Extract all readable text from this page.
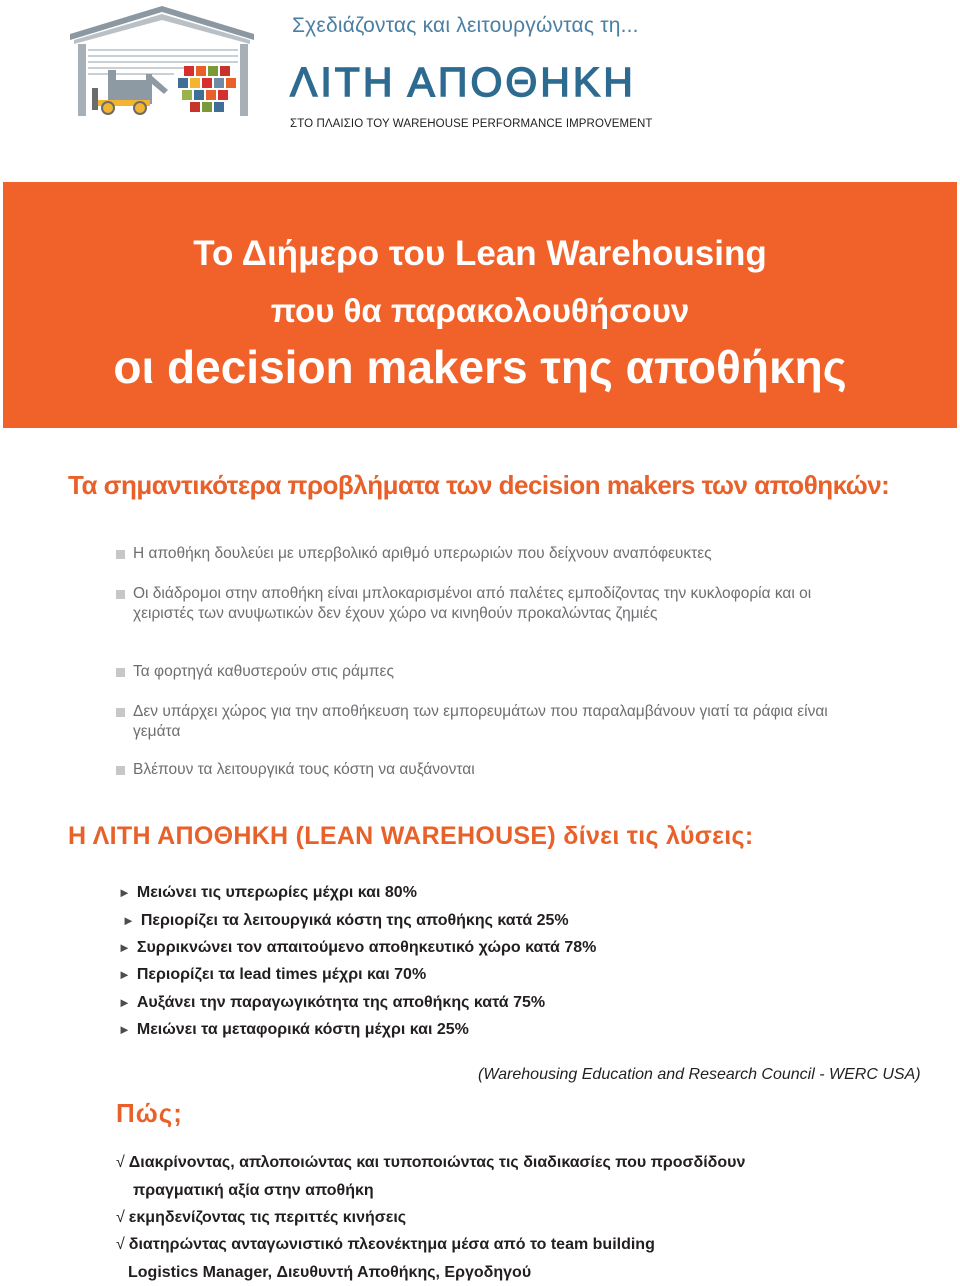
Σχεδιάζοντας και λειτουργώντας τη...
ΛΙΤΗ ΑΠΟΘΗΚΗ
ΣΤΟ ΠΛΑΙΣΙΟ ΤΟΥ WAREHOUSE PERFORMANCE IMPROVEMENT
Το Διήμερο του Lean Warehousing
που θα παρακολουθήσουν
οι decision makers της αποθήκης
Τα σημαντικότερα προβλήματα των decision makers των αποθηκών:
Η αποθήκη δουλεύει με υπερβολικό αριθμό υπερωριών που δείχνουν αναπόφευκτες
Οι διάδρομοι στην αποθήκη είναι μπλοκαρισμένοι από παλέτες εμποδίζοντας την κυκλοφορία και οι χειριστές των ανυψωτικών δεν έχουν χώρο να κινηθούν προκαλώντας ζημιές
Τα φορτηγά καθυστερούν στις ράμπες
Δεν υπάρχει χώρος για την αποθήκευση των εμπορευμάτων που παραλαμβάνουν γιατί τα ράφια είναι γεμάτα
Βλέπουν τα λειτουργικά τους κόστη να αυξάνονται
Η ΛΙΤΗ ΑΠΟΘΗΚΗ (LEAN WAREHOUSE) δίνει τις λύσεις:
► Μειώνει τις υπερωρίες μέχρι και 80%
► Περιορίζει τα λειτουργικά κόστη της αποθήκης κατά 25%
► Συρρικνώνει τον απαιτούμενο αποθηκευτικό χώρο κατά 78%
► Περιορίζει τα lead times μέχρι και 70%
► Αυξάνει την παραγωγικότητα της αποθήκης κατά 75%
► Μειώνει τα μεταφορικά κόστη μέχρι και 25%
(Warehousing Education and Research Council - WERC USA)
Πώς;
√ Διακρίνοντας, απλοποιώντας και τυποποιώντας τις διαδικασίες που προσδίδουν
πραγματική αξία στην αποθήκη
√ εκμηδενίζοντας τις περιττές κινήσεις
√ διατηρώντας ανταγωνιστικό πλεονέκτημα μέσα από το team building
Logistics Manager, Διευθυντή Αποθήκης, Εργοδηγού
